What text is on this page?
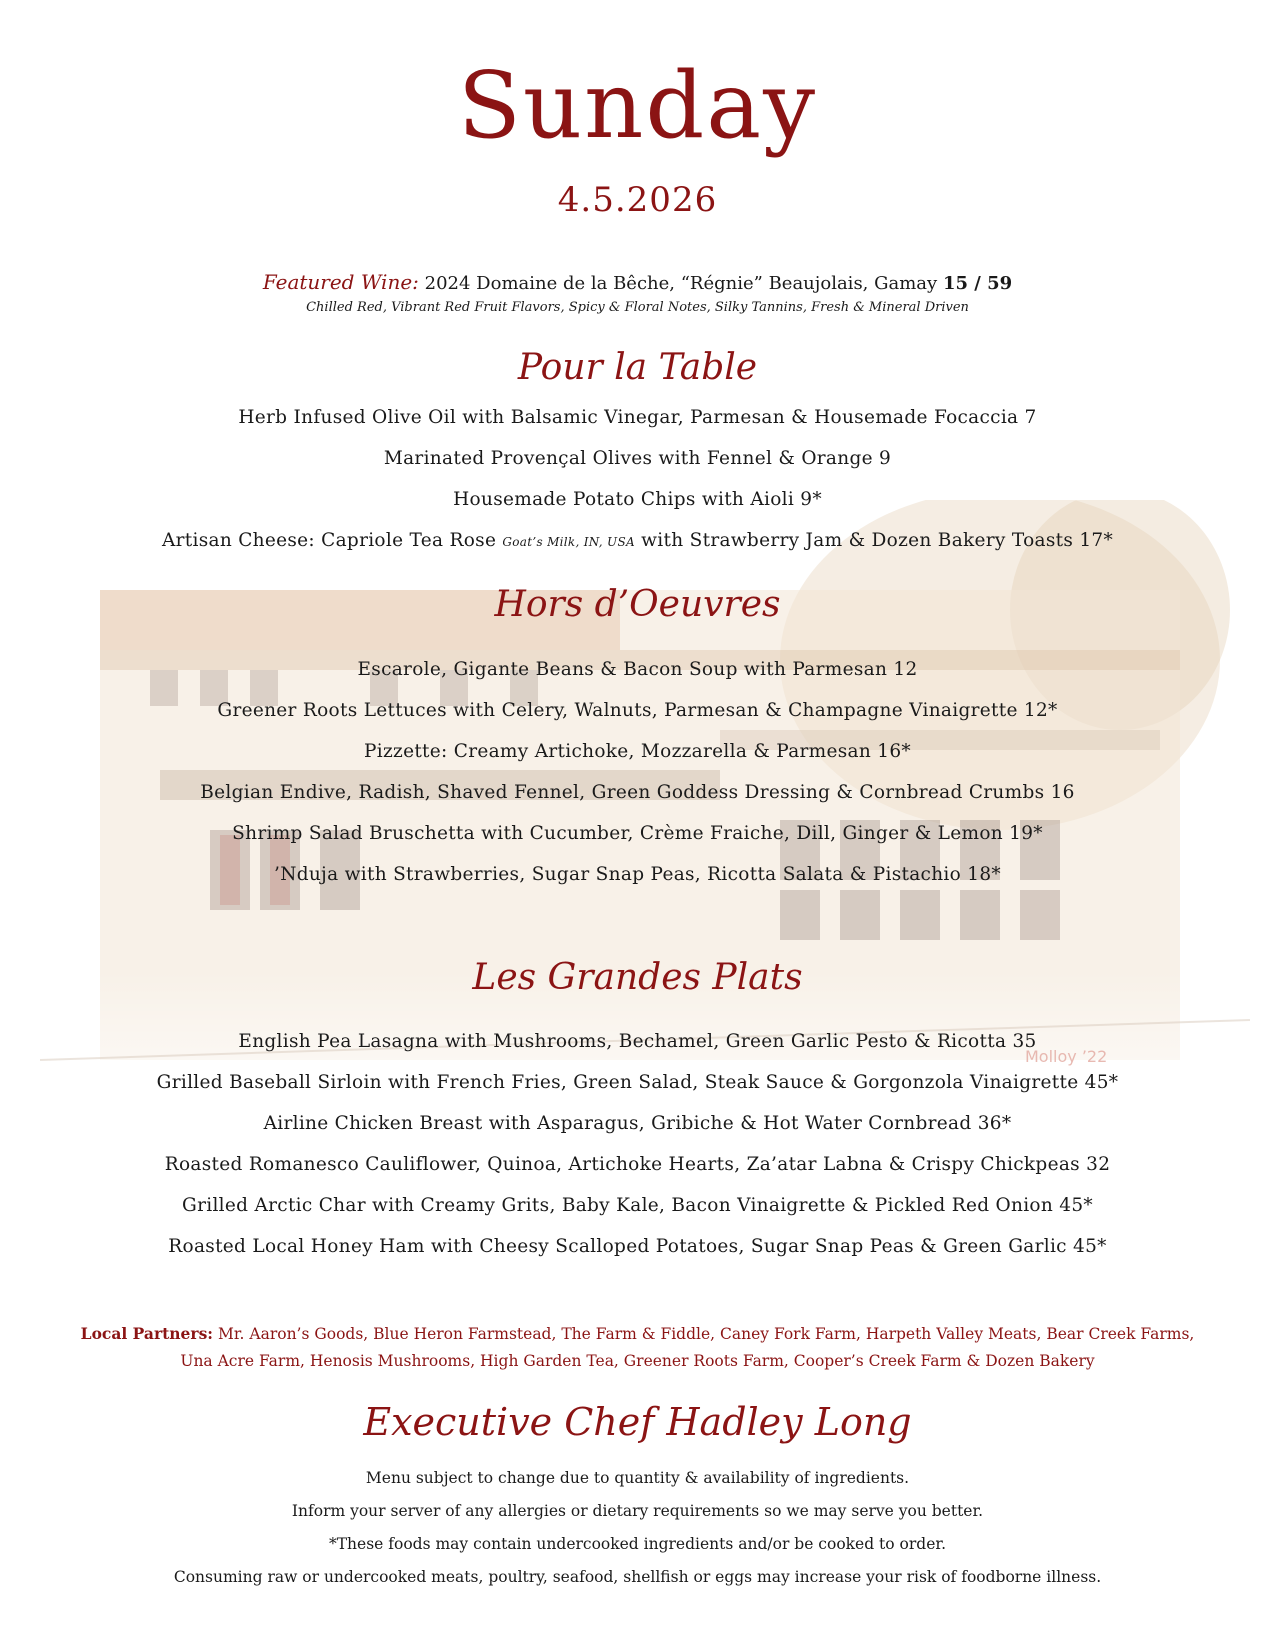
Molloy ’22
Sunday
4.5.2026
Featured Wine: 2024 Domaine de la Bêche, “Régnie” Beaujolais, Gamay 15 / 59
Chilled Red, Vibrant Red Fruit Flavors, Spicy & Floral Notes, Silky Tannins, Fresh & Mineral Driven
Pour la Table
Herb Infused Olive Oil with Balsamic Vinegar, Parmesan & Housemade Focaccia 7
Marinated Provençal Olives with Fennel & Orange 9
Housemade Potato Chips with Aioli 9*
Artisan Cheese: Capriole Tea Rose Goat’s Milk, IN, USA with Strawberry Jam & Dozen Bakery Toasts 17*
Hors d’Oeuvres
Escarole, Gigante Beans & Bacon Soup with Parmesan 12
Greener Roots Lettuces with Celery, Walnuts, Parmesan & Champagne Vinaigrette 12*
Pizzette: Creamy Artichoke, Mozzarella & Parmesan 16*
Belgian Endive, Radish, Shaved Fennel, Green Goddess Dressing & Cornbread Crumbs 16
Shrimp Salad Bruschetta with Cucumber, Crème Fraiche, Dill, Ginger & Lemon 19*
’Nduja with Strawberries, Sugar Snap Peas, Ricotta Salata & Pistachio 18*
Les Grandes Plats
English Pea Lasagna with Mushrooms, Bechamel, Green Garlic Pesto & Ricotta 35
Grilled Baseball Sirloin with French Fries, Green Salad, Steak Sauce & Gorgonzola Vinaigrette 45*
Airline Chicken Breast with Asparagus, Gribiche & Hot Water Cornbread 36*
Roasted Romanesco Cauliflower, Quinoa, Artichoke Hearts, Za’atar Labna & Crispy Chickpeas 32
Grilled Arctic Char with Creamy Grits, Baby Kale, Bacon Vinaigrette & Pickled Red Onion 45*
Roasted Local Honey Ham with Cheesy Scalloped Potatoes, Sugar Snap Peas & Green Garlic 45*
Local Partners: Mr. Aaron’s Goods, Blue Heron Farmstead, The Farm & Fiddle, Caney Fork Farm, Harpeth Valley Meats, Bear Creek Farms,
Una Acre Farm, Henosis Mushrooms, High Garden Tea, Greener Roots Farm, Cooper’s Creek Farm & Dozen Bakery
Executive Chef Hadley Long
Menu subject to change due to quantity & availability of ingredients.
Inform your server of any allergies or dietary requirements so we may serve you better.
*These foods may contain undercooked ingredients and/or be cooked to order.
Consuming raw or undercooked meats, poultry, seafood, shellfish or eggs may increase your risk of foodborne illness.
